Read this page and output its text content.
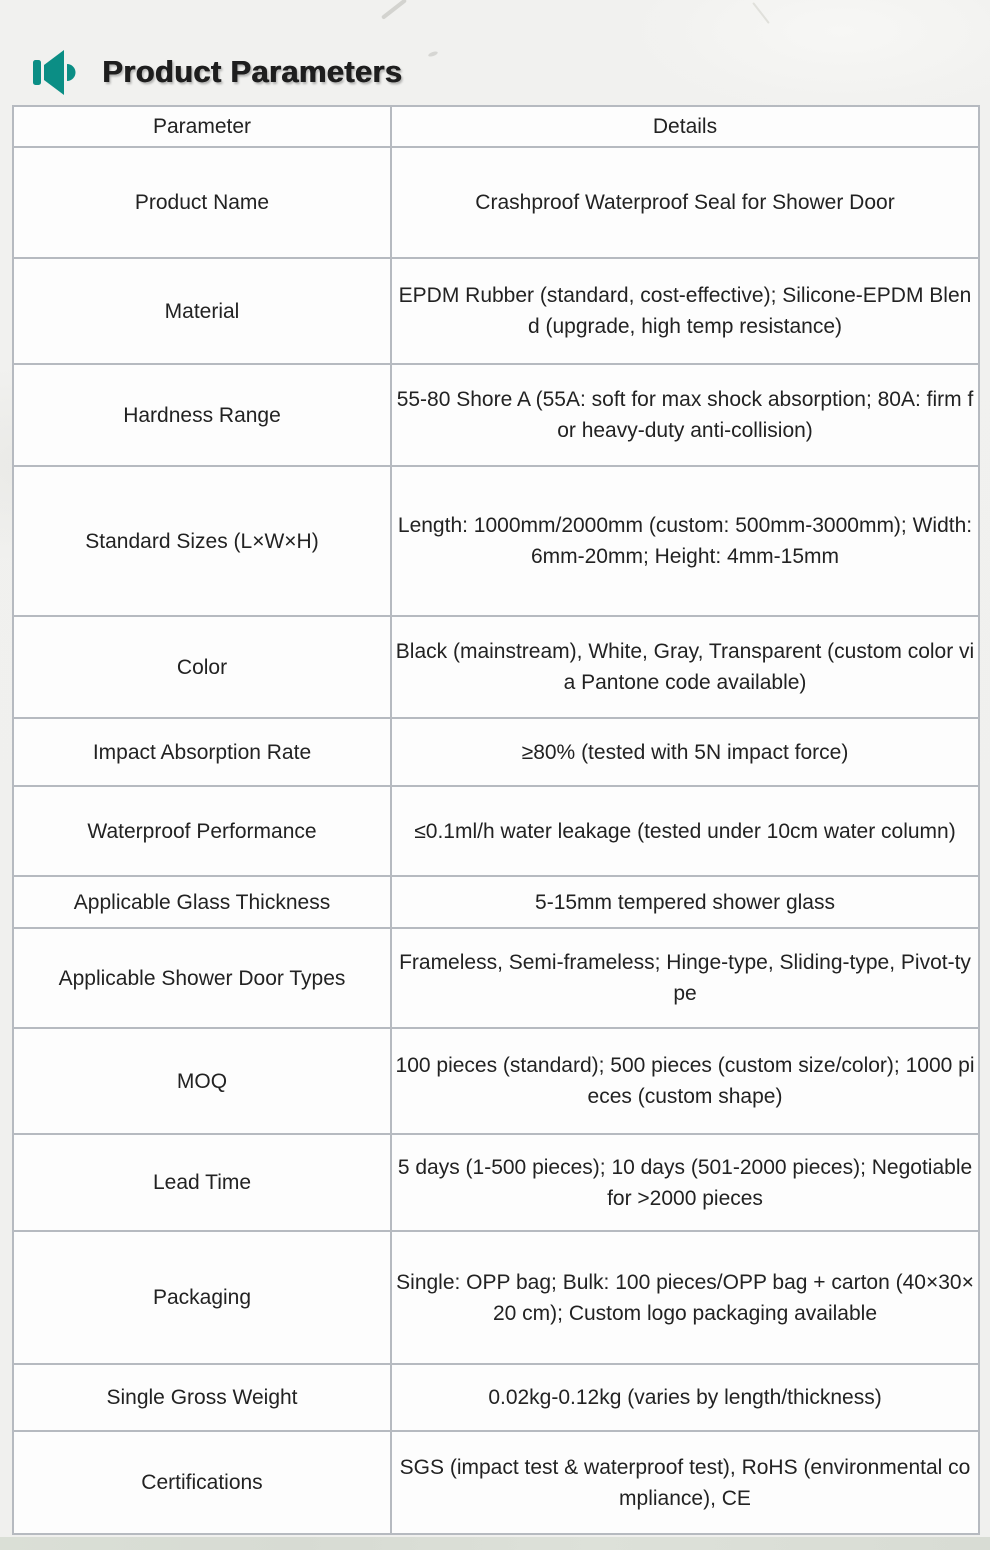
Product Parameters
Parameter	Details
Product Name	Crashproof Waterproof Seal for Shower Door
Material	EPDM Rubber (standard, cost-effective); Silicone-EPDM Blend (upgrade, high temp resistance)
Hardness Range	55-80 Shore A (55A: soft for max shock absorption; 80A: firm for heavy-duty anti-collision)
Standard Sizes (L×W×H)	Length: 1000mm/2000mm (custom: 500mm-3000mm); Width: 6mm-20mm; Height: 4mm-15mm
Color	Black (mainstream), White, Gray, Transparent (custom color via Pantone code available)
Impact Absorption Rate	≥80% (tested with 5N impact force)
Waterproof Performance	≤0.1ml/h water leakage (tested under 10cm water column)
Applicable Glass Thickness	5-15mm tempered shower glass
Applicable Shower Door Types	Frameless, Semi-frameless; Hinge-type, Sliding-type, Pivot-type
MOQ	100 pieces (standard); 500 pieces (custom size/color); 1000 pieces (custom shape)
Lead Time	5 days (1-500 pieces); 10 days (501-2000 pieces); Negotiable for >2000 pieces
Packaging	Single: OPP bag; Bulk: 100 pieces/OPP bag + carton (40×30×20 cm); Custom logo packaging available
Single Gross Weight	0.02kg-0.12kg (varies by length/thickness)
Certifications	SGS (impact test & waterproof test), RoHS (environmental compliance), CE
